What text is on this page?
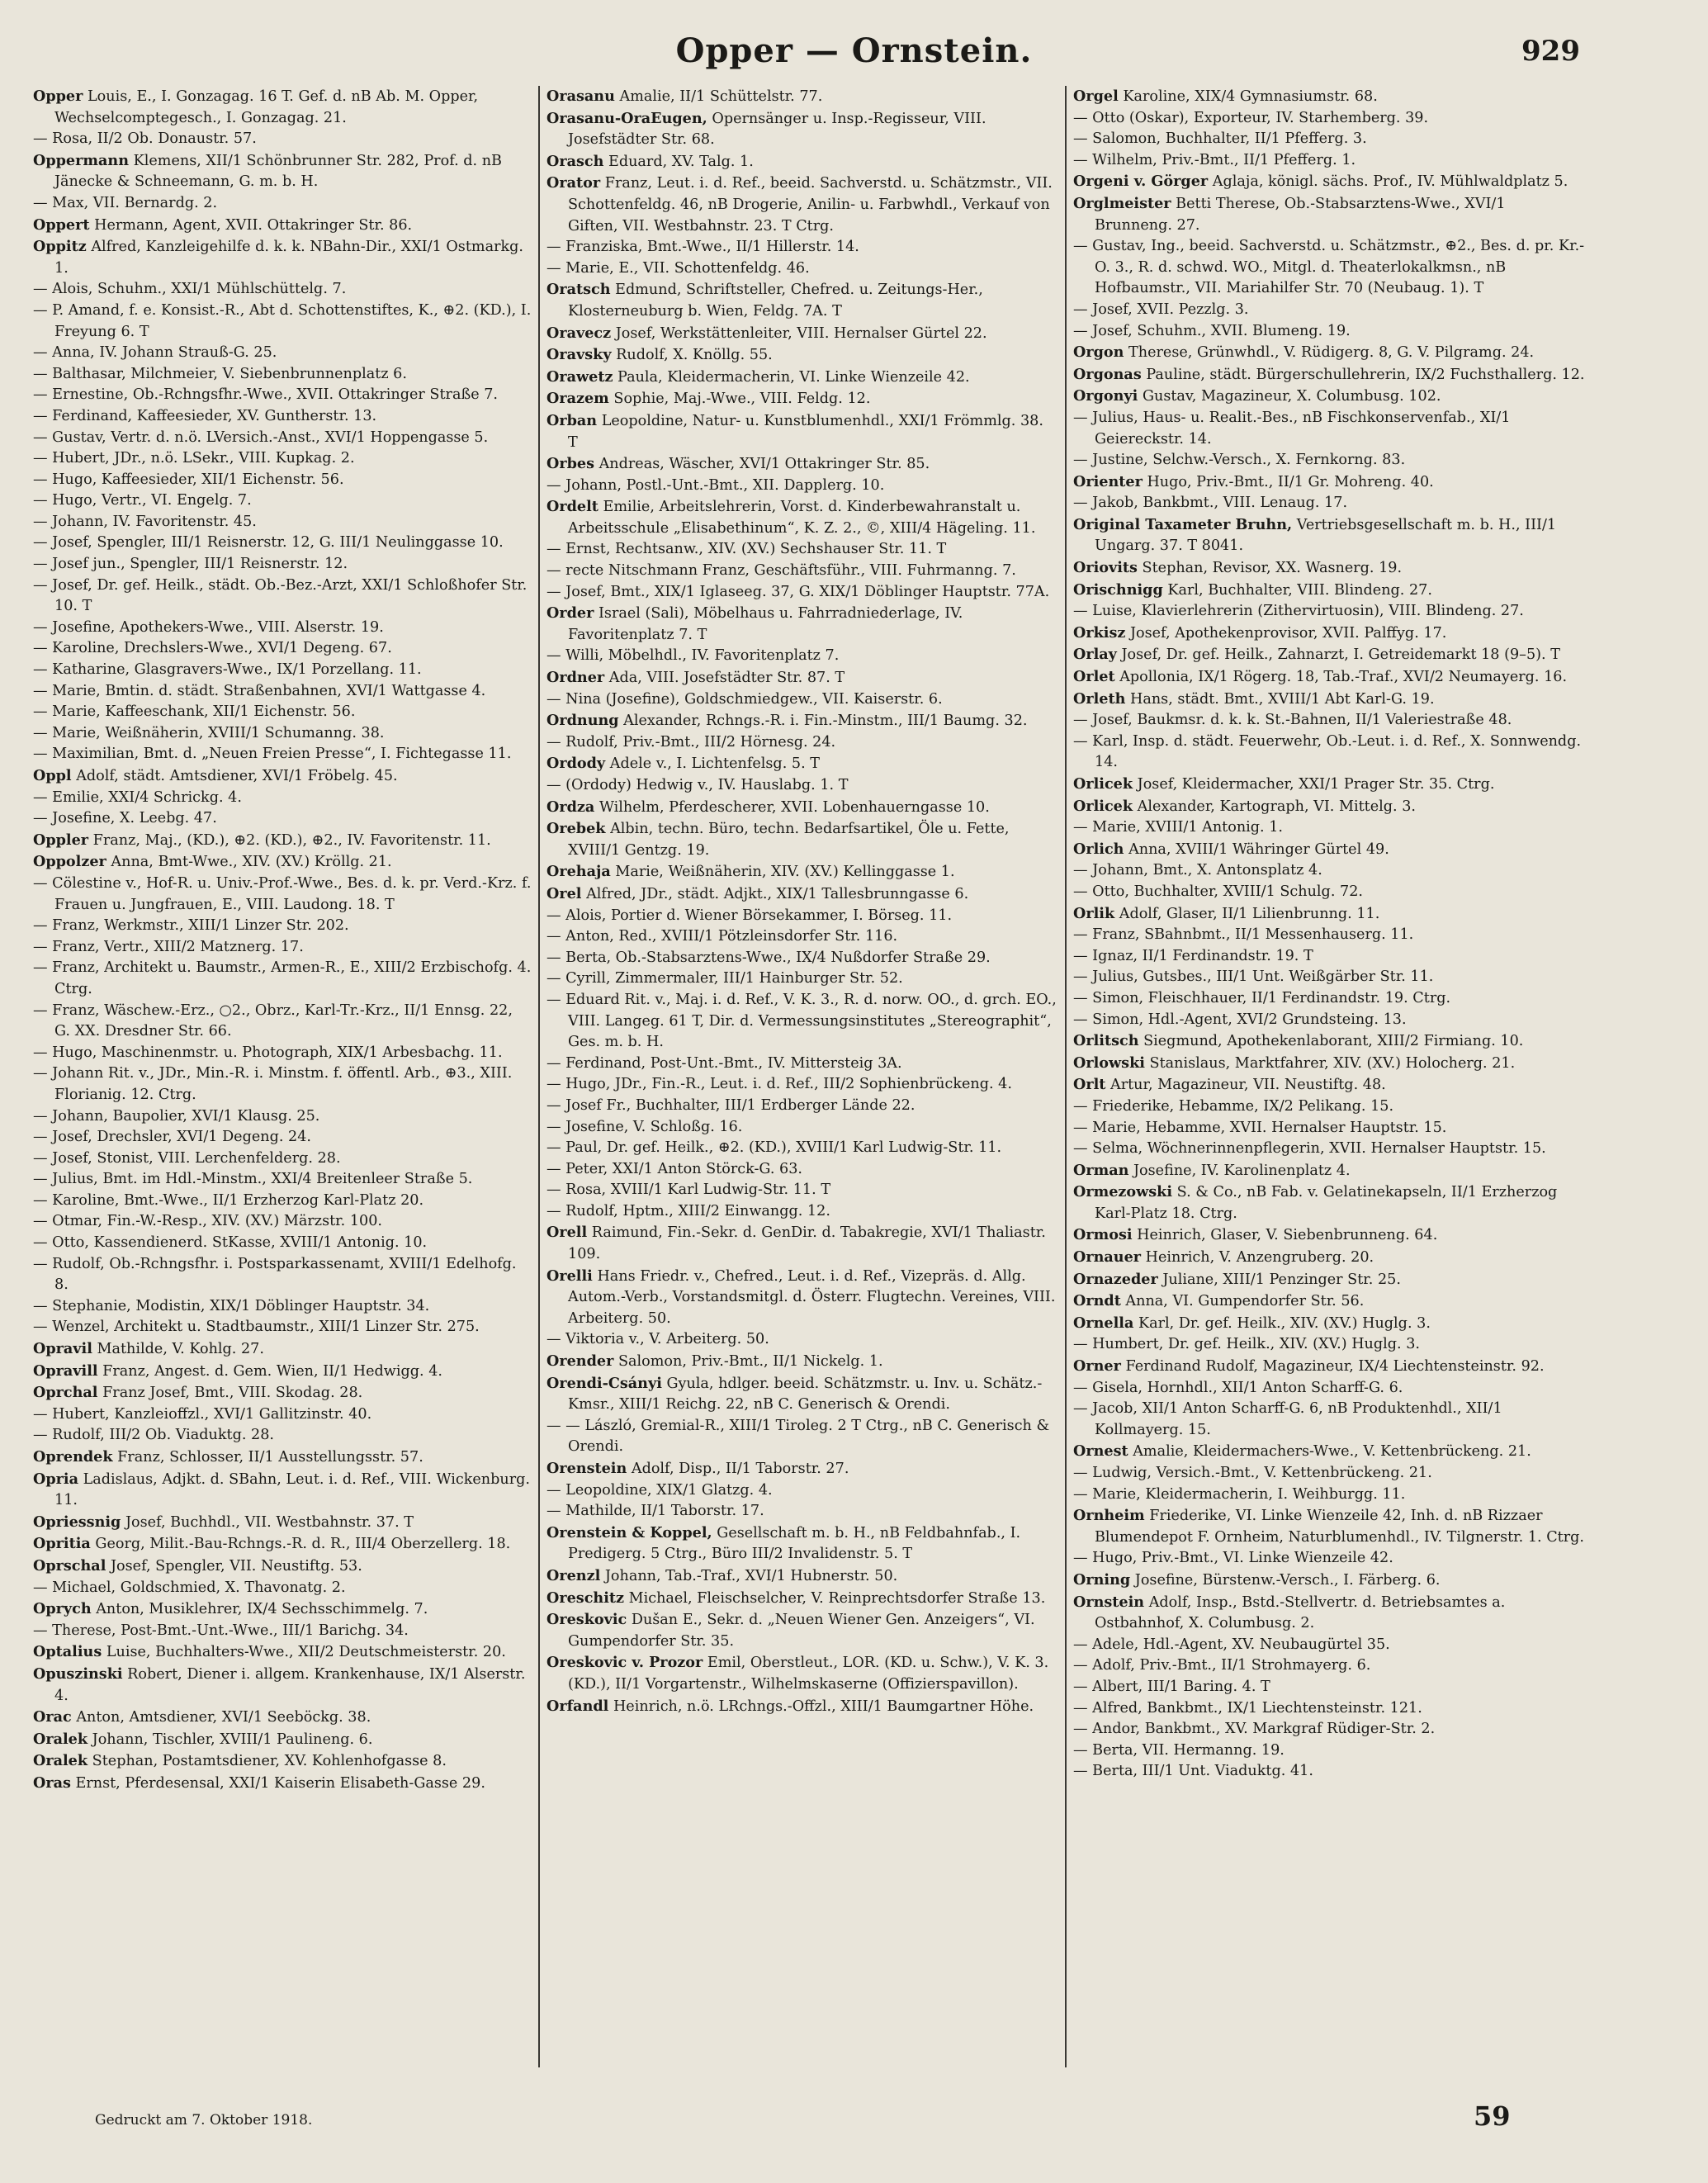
Opper — Ornstein.	929

Opper Louis, E., I. Gonzagag. 16 T. Gef. d. nB Ab. M. Opper, Wechselcomptegesch., I. Gonzagag. 21.

— Rosa, II/2 Ob. Donaustr. 57.

Oppermann Klemens, XII/1 Schönbrunner Str. 282, Prof. d. nB Jänecke & Schneemann, G. m. b. H.

— Max, VII. Bernardg. 2.

Oppert Hermann, Agent, XVII. Ottakringer Str. 86.

Oppitz Alfred, Kanzleigehilfe d. k. k. NBahn-Dir., XXI/1 Ostmarkg. 1.

— Alois, Schuhm., XXI/1 Mühlschüttelg. 7.

— P. Amand, f. e. Konsist.-R., Abt d. Schottenstiftes, K., ⊕2. (KD.), I. Freyung 6. T

— Anna, IV. Johann Strauß-G. 25.

— Balthasar, Milchmeier, V. Siebenbrunnenplatz 6.

— Ernestine, Ob.-Rchngsfhr.-Wwe., XVII. Ottakringer Straße 7.

— Ferdinand, Kaffeesieder, XV. Guntherstr. 13.

— Gustav, Vertr. d. n.ö. LVersich.-Anst., XVI/1 Hoppengasse 5.

— Hubert, JDr., n.ö. LSekr., VIII. Kupkag. 2.

— Hugo, Kaffeesieder, XII/1 Eichenstr. 56.

— Hugo, Vertr., VI. Engelg. 7.

— Johann, IV. Favoritenstr. 45.

— Josef, Spengler, III/1 Reisnerstr. 12, G. III/1 Neulinggasse 10.

— Josef jun., Spengler, III/1 Reisnerstr. 12.

— Josef, Dr. gef. Heilk., städt. Ob.-Bez.-Arzt, XXI/1 Schloßhofer Str. 10. T

— Josefine, Apothekers-Wwe., VIII. Alserstr. 19.

— Karoline, Drechslers-Wwe., XVI/1 Degeng. 67.

— Katharine, Glasgravers-Wwe., IX/1 Porzellang. 11.

— Marie, Bmtin. d. städt. Straßenbahnen, XVI/1 Wattgasse 4.

— Marie, Kaffeeschank, XII/1 Eichenstr. 56.

— Marie, Weißnäherin, XVIII/1 Schumanng. 38.

— Maximilian, Bmt. d. „Neuen Freien Presse“, I. Fichtegasse 11.

Oppl Adolf, städt. Amtsdiener, XVI/1 Fröbelg. 45.

— Emilie, XXI/4 Schrickg. 4.

— Josefine, X. Leebg. 47.

Oppler Franz, Maj., (KD.), ⊕2. (KD.), ⊕2., IV. Favoritenstr. 11.

Oppolzer Anna, Bmt-Wwe., XIV. (XV.) Kröllg. 21.

— Cölestine v., Hof-R. u. Univ.-Prof.-Wwe., Bes. d. k. pr. Verd.-Krz. f. Frauen u. Jungfrauen, E., VIII. Laudong. 18. T

— Franz, Werkmstr., XIII/1 Linzer Str. 202.

— Franz, Vertr., XIII/2 Matznerg. 17.

— Franz, Architekt u. Baumstr., Armen-R., E., XIII/2 Erzbischofg. 4. Ctrg.

— Franz, Wäschew.-Erz., ○2., Obrz., Karl-Tr.-Krz., II/1 Ennsg. 22, G. XX. Dresdner Str. 66.

— Hugo, Maschinenmstr. u. Photograph, XIX/1 Arbesbachg. 11.

— Johann Rit. v., JDr., Min.-R. i. Minstm. f. öffentl. Arb., ⊕3., XIII. Florianig. 12. Ctrg.

— Johann, Baupolier, XVI/1 Klausg. 25.

— Josef, Drechsler, XVI/1 Degeng. 24.

— Josef, Stonist, VIII. Lerchenfelderg. 28.

— Julius, Bmt. im Hdl.-Minstm., XXI/4 Breitenleer Straße 5.

— Karoline, Bmt.-Wwe., II/1 Erzherzog Karl-Platz 20.

— Otmar, Fin.-W.-Resp., XIV. (XV.) Märzstr. 100.

— Otto, Kassendienerd. StKasse, XVIII/1 Antonig. 10.

— Rudolf, Ob.-Rchngsfhr. i. Postsparkassenamt, XVIII/1 Edelhofg. 8.

— Stephanie, Modistin, XIX/1 Döblinger Hauptstr. 34.

— Wenzel, Architekt u. Stadtbaumstr., XIII/1 Linzer Str. 275.

Opravil Mathilde, V. Kohlg. 27.

Opravill Franz, Angest. d. Gem. Wien, II/1 Hedwigg. 4.

Oprchal Franz Josef, Bmt., VIII. Skodag. 28.

— Hubert, Kanzleioffzl., XVI/1 Gallitzinstr. 40.

— Rudolf, III/2 Ob. Viaduktg. 28.

Oprendek Franz, Schlosser, II/1 Ausstellungsstr. 57.

Opria Ladislaus, Adjkt. d. SBahn, Leut. i. d. Ref., VIII. Wickenburg. 11.

Opriessnig Josef, Buchhdl., VII. Westbahnstr. 37. T

Opritia Georg, Milit.-Bau-Rchngs.-R. d. R., III/4 Oberzellerg. 18.

Oprschal Josef, Spengler, VII. Neustiftg. 53.

— Michael, Goldschmied, X. Thavonatg. 2.

Oprych Anton, Musiklehrer, IX/4 Sechsschimmelg. 7.

— Therese, Post-Bmt.-Unt.-Wwe., III/1 Barichg. 34.

Optalius Luise, Buchhalters-Wwe., XII/2 Deutschmeisterstr. 20.

Opuszinski Robert, Diener i. allgem. Krankenhause, IX/1 Alserstr. 4.

Orac Anton, Amtsdiener, XVI/1 Seeböckg. 38.

Oralek Johann, Tischler, XVIII/1 Paulineng. 6.

Oralek Stephan, Postamtsdiener, XV. Kohlenhofgasse 8.

Oras Ernst, Pferdesensal, XXI/1 Kaiserin Elisabeth-Gasse 29.

Orasanu Amalie, II/1 Schüttelstr. 77.

Orasanu-OraEugen, Opernsänger u. Insp.-Regisseur, VIII. Josefstädter Str. 68.

Orasch Eduard, XV. Talg. 1.

Orator Franz, Leut. i. d. Ref., beeid. Sachverstd. u. Schätzmstr., VII. Schottenfeldg. 46, nB Drogerie, Anilin- u. Farbwhdl., Verkauf von Giften, VII. Westbahnstr. 23. T Ctrg.

— Franziska, Bmt.-Wwe., II/1 Hillerstr. 14.

— Marie, E., VII. Schottenfeldg. 46.

Oratsch Edmund, Schriftsteller, Chefred. u. Zeitungs-Her., Klosterneuburg b. Wien, Feldg. 7A. T

Oravecz Josef, Werkstättenleiter, VIII. Hernalser Gürtel 22.

Oravsky Rudolf, X. Knöllg. 55.

Orawetz Paula, Kleidermacherin, VI. Linke Wienzeile 42.

Orazem Sophie, Maj.-Wwe., VIII. Feldg. 12.

Orban Leopoldine, Natur- u. Kunstblumenhdl., XXI/1 Frömmlg. 38. T

Orbes Andreas, Wäscher, XVI/1 Ottakringer Str. 85.

— Johann, Postl.-Unt.-Bmt., XII. Dapplerg. 10.

Ordelt Emilie, Arbeitslehrerin, Vorst. d. Kinderbewahranstalt u. Arbeitsschule „Elisabethinum“, K. Z. 2., ©, XIII/4 Hägeling. 11.

— Ernst, Rechtsanw., XIV. (XV.) Sechshauser Str. 11. T

— recte Nitschmann Franz, Geschäftsführ., VIII. Fuhrmanng. 7.

— Josef, Bmt., XIX/1 Iglaseeg. 37, G. XIX/1 Döblinger Hauptstr. 77A.

Order Israel (Sali), Möbelhaus u. Fahrradniederlage, IV. Favoritenplatz 7. T

— Willi, Möbelhdl., IV. Favoritenplatz 7.

Ordner Ada, VIII. Josefstädter Str. 87. T

— Nina (Josefine), Goldschmiedgew., VII. Kaiserstr. 6.

Ordnung Alexander, Rchngs.-R. i. Fin.-Minstm., III/1 Baumg. 32.

— Rudolf, Priv.-Bmt., III/2 Hörnesg. 24.

Ordody Adele v., I. Lichtenfelsg. 5. T

— (Ordody) Hedwig v., IV. Hauslabg. 1. T

Ordza Wilhelm, Pferdescherer, XVII. Lobenhauerngasse 10.

Orebek Albin, techn. Büro, techn. Bedarfsartikel, Öle u. Fette, XVIII/1 Gentzg. 19.

Orehaja Marie, Weißnäherin, XIV. (XV.) Kellinggasse 1.

Orel Alfred, JDr., städt. Adjkt., XIX/1 Tallesbrunngasse 6.

— Alois, Portier d. Wiener Börsekammer, I. Börseg. 11.

— Anton, Red., XVIII/1 Pötzleinsdorfer Str. 116.

— Berta, Ob.-Stabsarztens-Wwe., IX/4 Nußdorfer Straße 29.

— Cyrill, Zimmermaler, III/1 Hainburger Str. 52.

— Eduard Rit. v., Maj. i. d. Ref., V. K. 3., R. d. norw. OO., d. grch. EO., VIII. Langeg. 61 T, Dir. d. Vermessungsinstitutes „Stereographit“, Ges. m. b. H.

— Ferdinand, Post-Unt.-Bmt., IV. Mittersteig 3A.

— Hugo, JDr., Fin.-R., Leut. i. d. Ref., III/2 Sophienbrückeng. 4.

— Josef Fr., Buchhalter, III/1 Erdberger Lände 22.

— Josefine, V. Schloßg. 16.

— Paul, Dr. gef. Heilk., ⊕2. (KD.), XVIII/1 Karl Ludwig-Str. 11.

— Peter, XXI/1 Anton Störck-G. 63.

— Rosa, XVIII/1 Karl Ludwig-Str. 11. T

— Rudolf, Hptm., XIII/2 Einwangg. 12.

Orell Raimund, Fin.-Sekr. d. GenDir. d. Tabakregie, XVI/1 Thaliastr. 109.

Orelli Hans Friedr. v., Chefred., Leut. i. d. Ref., Vizepräs. d. Allg. Autom.-Verb., Vorstandsmitgl. d. Österr. Flugtechn. Vereines, VIII. Arbeiterg. 50.

— Viktoria v., V. Arbeiterg. 50.

Orender Salomon, Priv.-Bmt., II/1 Nickelg. 1.

Orendi-Csányi Gyula, hdlger. beeid. Schätzmstr. u. Inv. u. Schätz.-Kmsr., XIII/1 Reichg. 22, nB C. Generisch & Orendi.

— — László, Gremial-R., XIII/1 Tiroleg. 2 T Ctrg., nB C. Generisch & Orendi.

Orenstein Adolf, Disp., II/1 Taborstr. 27.

— Leopoldine, XIX/1 Glatzg. 4.

— Mathilde, II/1 Taborstr. 17.

Orenstein & Koppel, Gesellschaft m. b. H., nB Feldbahnfab., I. Predigerg. 5 Ctrg., Büro III/2 Invalidenstr. 5. T

Orenzl Johann, Tab.-Traf., XVI/1 Hubnerstr. 50.

Oreschitz Michael, Fleischselcher, V. Reinprechtsdorfer Straße 13.

Oreskovic Dušan E., Sekr. d. „Neuen Wiener Gen. Anzeigers“, VI. Gumpendorfer Str. 35.

Oreskovic v. Prozor Emil, Oberstleut., LOR. (KD. u. Schw.), V. K. 3. (KD.), II/1 Vorgartenstr., Wilhelmskaserne (Offizierspavillon).

Orfandl Heinrich, n.ö. LRchngs.-Offzl., XIII/1 Baumgartner Höhe.

Orgel Karoline, XIX/4 Gymnasiumstr. 68.

— Otto (Oskar), Exporteur, IV. Starhemberg. 39.

— Salomon, Buchhalter, II/1 Pfefferg. 3.

— Wilhelm, Priv.-Bmt., II/1 Pfefferg. 1.

Orgeni v. Görger Aglaja, königl. sächs. Prof., IV. Mühlwaldplatz 5.

Orglmeister Betti Therese, Ob.-Stabsarztens-Wwe., XVI/1 Brunneng. 27.

— Gustav, Ing., beeid. Sachverstd. u. Schätzmstr., ⊕2., Bes. d. pr. Kr.-O. 3., R. d. schwd. WO., Mitgl. d. Theaterlokalkmsn., nB Hofbaumstr., VII. Mariahilfer Str. 70 (Neubaug. 1). T

— Josef, XVII. Pezzlg. 3.

— Josef, Schuhm., XVII. Blumeng. 19.

Orgon Therese, Grünwhdl., V. Rüdigerg. 8, G. V. Pilgramg. 24.

Orgonas Pauline, städt. Bürgerschullehrerin, IX/2 Fuchsthallerg. 12.

Orgonyi Gustav, Magazineur, X. Columbusg. 102.

— Julius, Haus- u. Realit.-Bes., nB Fischkonservenfab., XI/1 Geiereckstr. 14.

— Justine, Selchw.-Versch., X. Fernkorng. 83.

Orienter Hugo, Priv.-Bmt., II/1 Gr. Mohreng. 40.

— Jakob, Bankbmt., VIII. Lenaug. 17.

Original Taxameter Bruhn, Vertriebsgesellschaft m. b. H., III/1 Ungarg. 37. T 8041.

Oriovits Stephan, Revisor, XX. Wasnerg. 19.

Orischnigg Karl, Buchhalter, VIII. Blindeng. 27.

— Luise, Klavierlehrerin (Zithervirtuosin), VIII. Blindeng. 27.

Orkisz Josef, Apothekenprovisor, XVII. Palffyg. 17.

Orlay Josef, Dr. gef. Heilk., Zahnarzt, I. Getreidemarkt 18 (9–5). T

Orlet Apollonia, IX/1 Rögerg. 18, Tab.-Traf., XVI/2 Neumayerg. 16.

Orleth Hans, städt. Bmt., XVIII/1 Abt Karl-G. 19.

— Josef, Baukmsr. d. k. k. St.-Bahnen, II/1 Valeriestraße 48.

— Karl, Insp. d. städt. Feuerwehr, Ob.-Leut. i. d. Ref., X. Sonnwendg. 14.

Orlicek Josef, Kleidermacher, XXI/1 Prager Str. 35. Ctrg.

Orlicek Alexander, Kartograph, VI. Mittelg. 3.

— Marie, XVIII/1 Antonig. 1.

Orlich Anna, XVIII/1 Währinger Gürtel 49.

— Johann, Bmt., X. Antonsplatz 4.

— Otto, Buchhalter, XVIII/1 Schulg. 72.

Orlik Adolf, Glaser, II/1 Lilienbrunng. 11.

— Franz, SBahnbmt., II/1 Messenhauserg. 11.

— Ignaz, II/1 Ferdinandstr. 19. T

— Julius, Gutsbes., III/1 Unt. Weißgärber Str. 11.

— Simon, Fleischhauer, II/1 Ferdinandstr. 19. Ctrg.

— Simon, Hdl.-Agent, XVI/2 Grundsteing. 13.

Orlitsch Siegmund, Apothekenlaborant, XIII/2 Firmiang. 10.

Orlowski Stanislaus, Marktfahrer, XIV. (XV.) Holocherg. 21.

Orlt Artur, Magazineur, VII. Neustiftg. 48.

— Friederike, Hebamme, IX/2 Pelikang. 15.

— Marie, Hebamme, XVII. Hernalser Hauptstr. 15.

— Selma, Wöchnerinnenpflegerin, XVII. Hernalser Hauptstr. 15.

Orman Josefine, IV. Karolinenplatz 4.

Ormezowski S. & Co., nB Fab. v. Gelatinekapseln, II/1 Erzherzog Karl-Platz 18. Ctrg.

Ormosi Heinrich, Glaser, V. Siebenbrunneng. 64.

Ornauer Heinrich, V. Anzengruberg. 20.

Ornazeder Juliane, XIII/1 Penzinger Str. 25.

Orndt Anna, VI. Gumpendorfer Str. 56.

Ornella Karl, Dr. gef. Heilk., XIV. (XV.) Huglg. 3.

— Humbert, Dr. gef. Heilk., XIV. (XV.) Huglg. 3.

Orner Ferdinand Rudolf, Magazineur, IX/4 Liechtensteinstr. 92.

— Gisela, Hornhdl., XII/1 Anton Scharff-G. 6.

— Jacob, XII/1 Anton Scharff-G. 6, nB Produktenhdl., XII/1 Kollmayerg. 15.

Ornest Amalie, Kleidermachers-Wwe., V. Kettenbrückeng. 21.

— Ludwig, Versich.-Bmt., V. Kettenbrückeng. 21.

— Marie, Kleidermacherin, I. Weihburgg. 11.

Ornheim Friederike, VI. Linke Wienzeile 42, Inh. d. nB Rizzaer Blumendepot F. Ornheim, Naturblumenhdl., IV. Tilgnerstr. 1. Ctrg.

— Hugo, Priv.-Bmt., VI. Linke Wienzeile 42.

Orning Josefine, Bürstenw.-Versch., I. Färberg. 6.

Ornstein Adolf, Insp., Bstd.-Stellvertr. d. Betriebsamtes a. Ostbahnhof, X. Columbusg. 2.

— Adele, Hdl.-Agent, XV. Neubaugürtel 35.

— Adolf, Priv.-Bmt., II/1 Strohmayerg. 6.

— Albert, III/1 Baring. 4. T

— Alfred, Bankbmt., IX/1 Liechtensteinstr. 121.

— Andor, Bankbmt., XV. Markgraf Rüdiger-Str. 2.

— Berta, VII. Hermanng. 19.

— Berta, III/1 Unt. Viaduktg. 41.

Gedruckt am 7. Oktober 1918.	59
